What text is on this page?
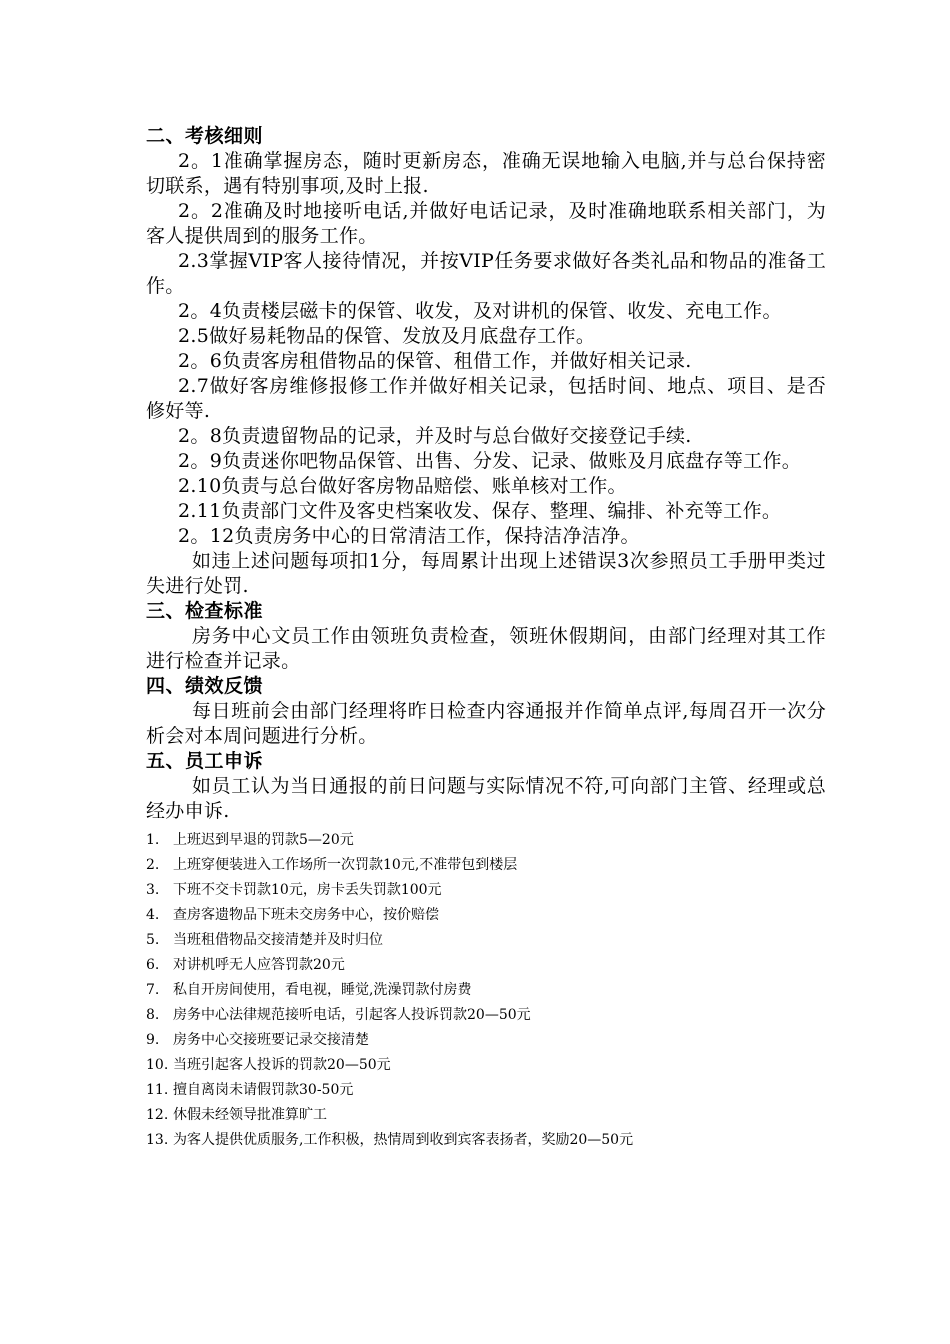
二、考核细则

2。1准确掌握房态，随时更新房态，准确无误地输入电脑,并与总台保持密切联系，遇有特别事项,及时上报.

2。2准确及时地接听电话,并做好电话记录，及时准确地联系相关部门，为客人提供周到的服务工作。

2.3掌握VIP客人接待情况，并按VIP任务要求做好各类礼品和物品的准备工作。

2。4负责楼层磁卡的保管、收发，及对讲机的保管、收发、充电工作。

2.5做好易耗物品的保管、发放及月底盘存工作。

2。6负责客房租借物品的保管、租借工作，并做好相关记录.

2.7做好客房维修报修工作并做好相关记录，包括时间、地点、项目、是否修好等.

2。8负责遗留物品的记录，并及时与总台做好交接登记手续.

2。9负责迷你吧物品保管、出售、分发、记录、做账及月底盘存等工作。

2.10负责与总台做好客房物品赔偿、账单核对工作。

2.11负责部门文件及客史档案收发、保存、整理、编排、补充等工作。

2。12负责房务中心的日常清洁工作，保持洁净洁净。

如违上述问题每项扣1分，每周累计出现上述错误3次参照员工手册甲类过失进行处罚.

三、检查标准

房务中心文员工作由领班负责检查，领班休假期间，由部门经理对其工作进行检查并记录。

四、绩效反馈

每日班前会由部门经理将昨日检查内容通报并作简单点评,每周召开一次分析会对本周问题进行分析。

五、员工申诉

如员工认为当日通报的前日问题与实际情况不符,可向部门主管、经理或总经办申诉.

1. 上班迟到早退的罚款5—20元
2. 上班穿便装进入工作场所一次罚款10元,不准带包到楼层
3. 下班不交卡罚款10元，房卡丢失罚款100元
4. 查房客遗物品下班未交房务中心，按价赔偿
5. 当班租借物品交接清楚并及时归位
6. 对讲机呼无人应答罚款20元
7. 私自开房间使用，看电视，睡觉,洗澡罚款付房费
8. 房务中心法律规范接听电话，引起客人投诉罚款20—50元
9. 房务中心交接班要记录交接清楚
10. 当班引起客人投诉的罚款20—50元
11. 擅自离岗未请假罚款30-50元
12. 休假未经领导批准算旷工
13. 为客人提供优质服务,工作积极，热情周到收到宾客表扬者，奖励20—50元
